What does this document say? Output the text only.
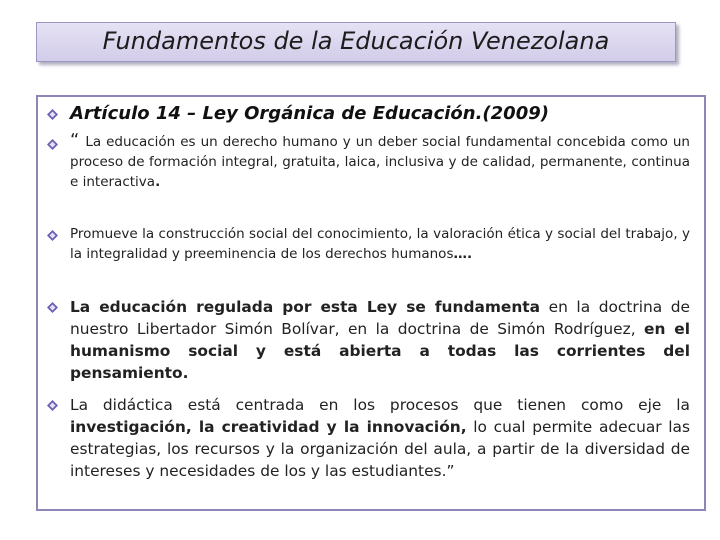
Fundamentos de la Educación Venezolana
Artículo 14 – Ley Orgánica de Educación.(2009)
“ La educación es un derecho humano y un deber social fundamental concebida como un proceso de formación integral, gratuita, laica, inclusiva y de calidad, permanente, continua e interactiva.
Promueve la construcción social del conocimiento, la valoración ética y social del trabajo, y la integralidad y preeminencia de los derechos humanos….
La educación regulada por esta Ley se fundamenta en la doctrina de nuestro Libertador Simón Bolívar, en la doctrina de Simón Rodríguez, en el humanismo social y está abierta a todas las corrientes del pensamiento.
La didáctica está centrada en los procesos que tienen como eje la investigación, la creatividad y la innovación, lo cual permite adecuar las estrategias, los recursos y la organización del aula, a partir de la diversidad de intereses y necesidades de los y las estudiantes.”
